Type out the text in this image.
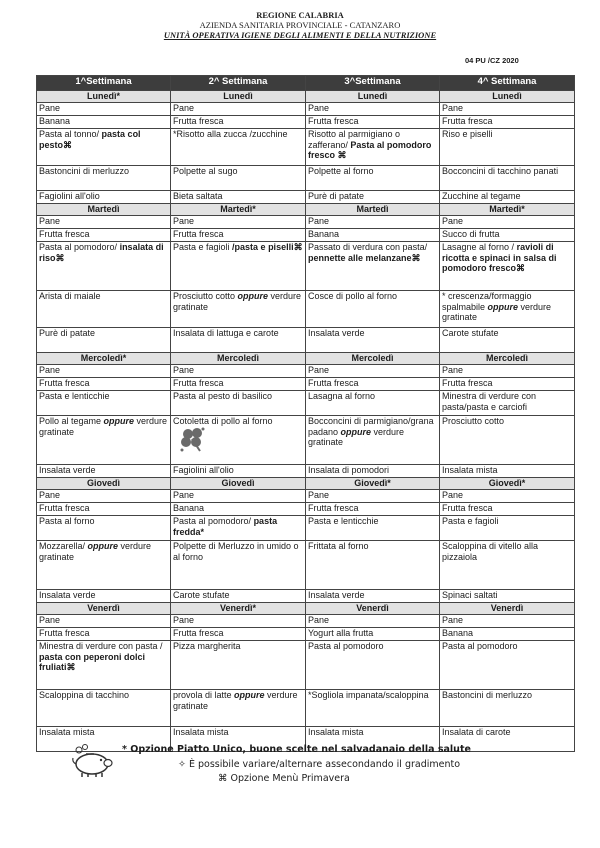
REGIONE CALABRIA
AZIENDA SANITARIA PROVINCIALE - CATANZARO
UNITÀ OPERATIVA IGIENE DEGLI ALIMENTI E DELLA NUTRIZIONE
04 PU /CZ 2020
1^Settimana	2^ Settimana	3^Settimana	4^ Settimana
Lunedì*	Lunedì	Lunedì	Lunedì
Pane	Pane	Pane	Pane
Banana	Frutta fresca	Frutta fresca	Frutta fresca
Pasta al tonno/ pasta col pesto⌘	*Risotto alla zucca /zucchine	Risotto al parmigiano o zafferano/ Pasta al pomodoro fresco ⌘	Riso e piselli
Bastoncini di merluzzo	Polpette al sugo	Polpette al forno	Bocconcini di tacchino panati
Fagiolini all'olio	Bieta saltata	Purè di patate	Zucchine al tegame
Martedì	Martedì*	Martedì	Martedì*
Pane	Pane	Pane	Pane
Frutta fresca	Frutta fresca	Banana	Succo di frutta
Pasta al pomodoro/ insalata di riso⌘	Pasta e fagioli /pasta e piselli⌘	Passato di verdura con pasta/ pennette alle melanzane⌘	Lasagne al forno / ravioli di ricotta e spinaci in salsa di pomodoro fresco⌘
Arista di maiale	Prosciutto cotto oppure verdure gratinate	Cosce di pollo al forno	* crescenza/formaggio spalmabile oppure verdure gratinate
Purè di patate	Insalata di lattuga e carote	Insalata verde	Carote stufate
Mercoledì*	Mercoledì	Mercoledì	Mercoledì
Pane	Pane	Pane	Pane
Frutta fresca	Frutta fresca	Frutta fresca	Frutta fresca
Pasta e lenticchie	Pasta al pesto di basilico	Lasagna al forno	Minestra di verdure con pasta/pasta e carciofi
Pollo al tegame oppure verdure gratinate	Cotoletta di pollo al forno	Bocconcini di parmigiano/grana padano oppure verdure gratinate	Prosciutto cotto
Insalata verde	Fagiolini all'olio	Insalata di pomodori	Insalata mista
Giovedì	Giovedì	Giovedì*	Giovedì*
Pane	Pane	Pane	Pane
Frutta fresca	Banana	Frutta fresca	Frutta fresca
Pasta al forno	Pasta al pomodoro/ pasta fredda*	Pasta e lenticchie	Pasta e fagioli
Mozzarella/ oppure verdure gratinate	Polpette di Merluzzo in umido o al forno	Frittata al forno	Scaloppina di vitello alla pizzaiola
Insalata verde	Carote stufate	Insalata verde	Spinaci saltati
Venerdì	Venerdì*	Venerdì	Venerdì
Pane	Pane	Pane	Pane
Frutta fresca	Frutta fresca	Yogurt alla frutta	Banana
Minestra di verdure con pasta / pasta con peperoni dolci fruliati⌘	Pizza margherita	Pasta al pomodoro	Pasta al pomodoro
Scaloppina di tacchino	provola di latte oppure verdure gratinate	*Sogliola impanata/scaloppina	Bastoncini di merluzzo
Insalata mista	Insalata mista	Insalata mista	Insalata di carote
* Opzione Piatto Unico, buone scelte nel salvadanaio della salute
✧ È possibile variare/alternare assecondando il gradimento
⌘ Opzione Menù Primavera
